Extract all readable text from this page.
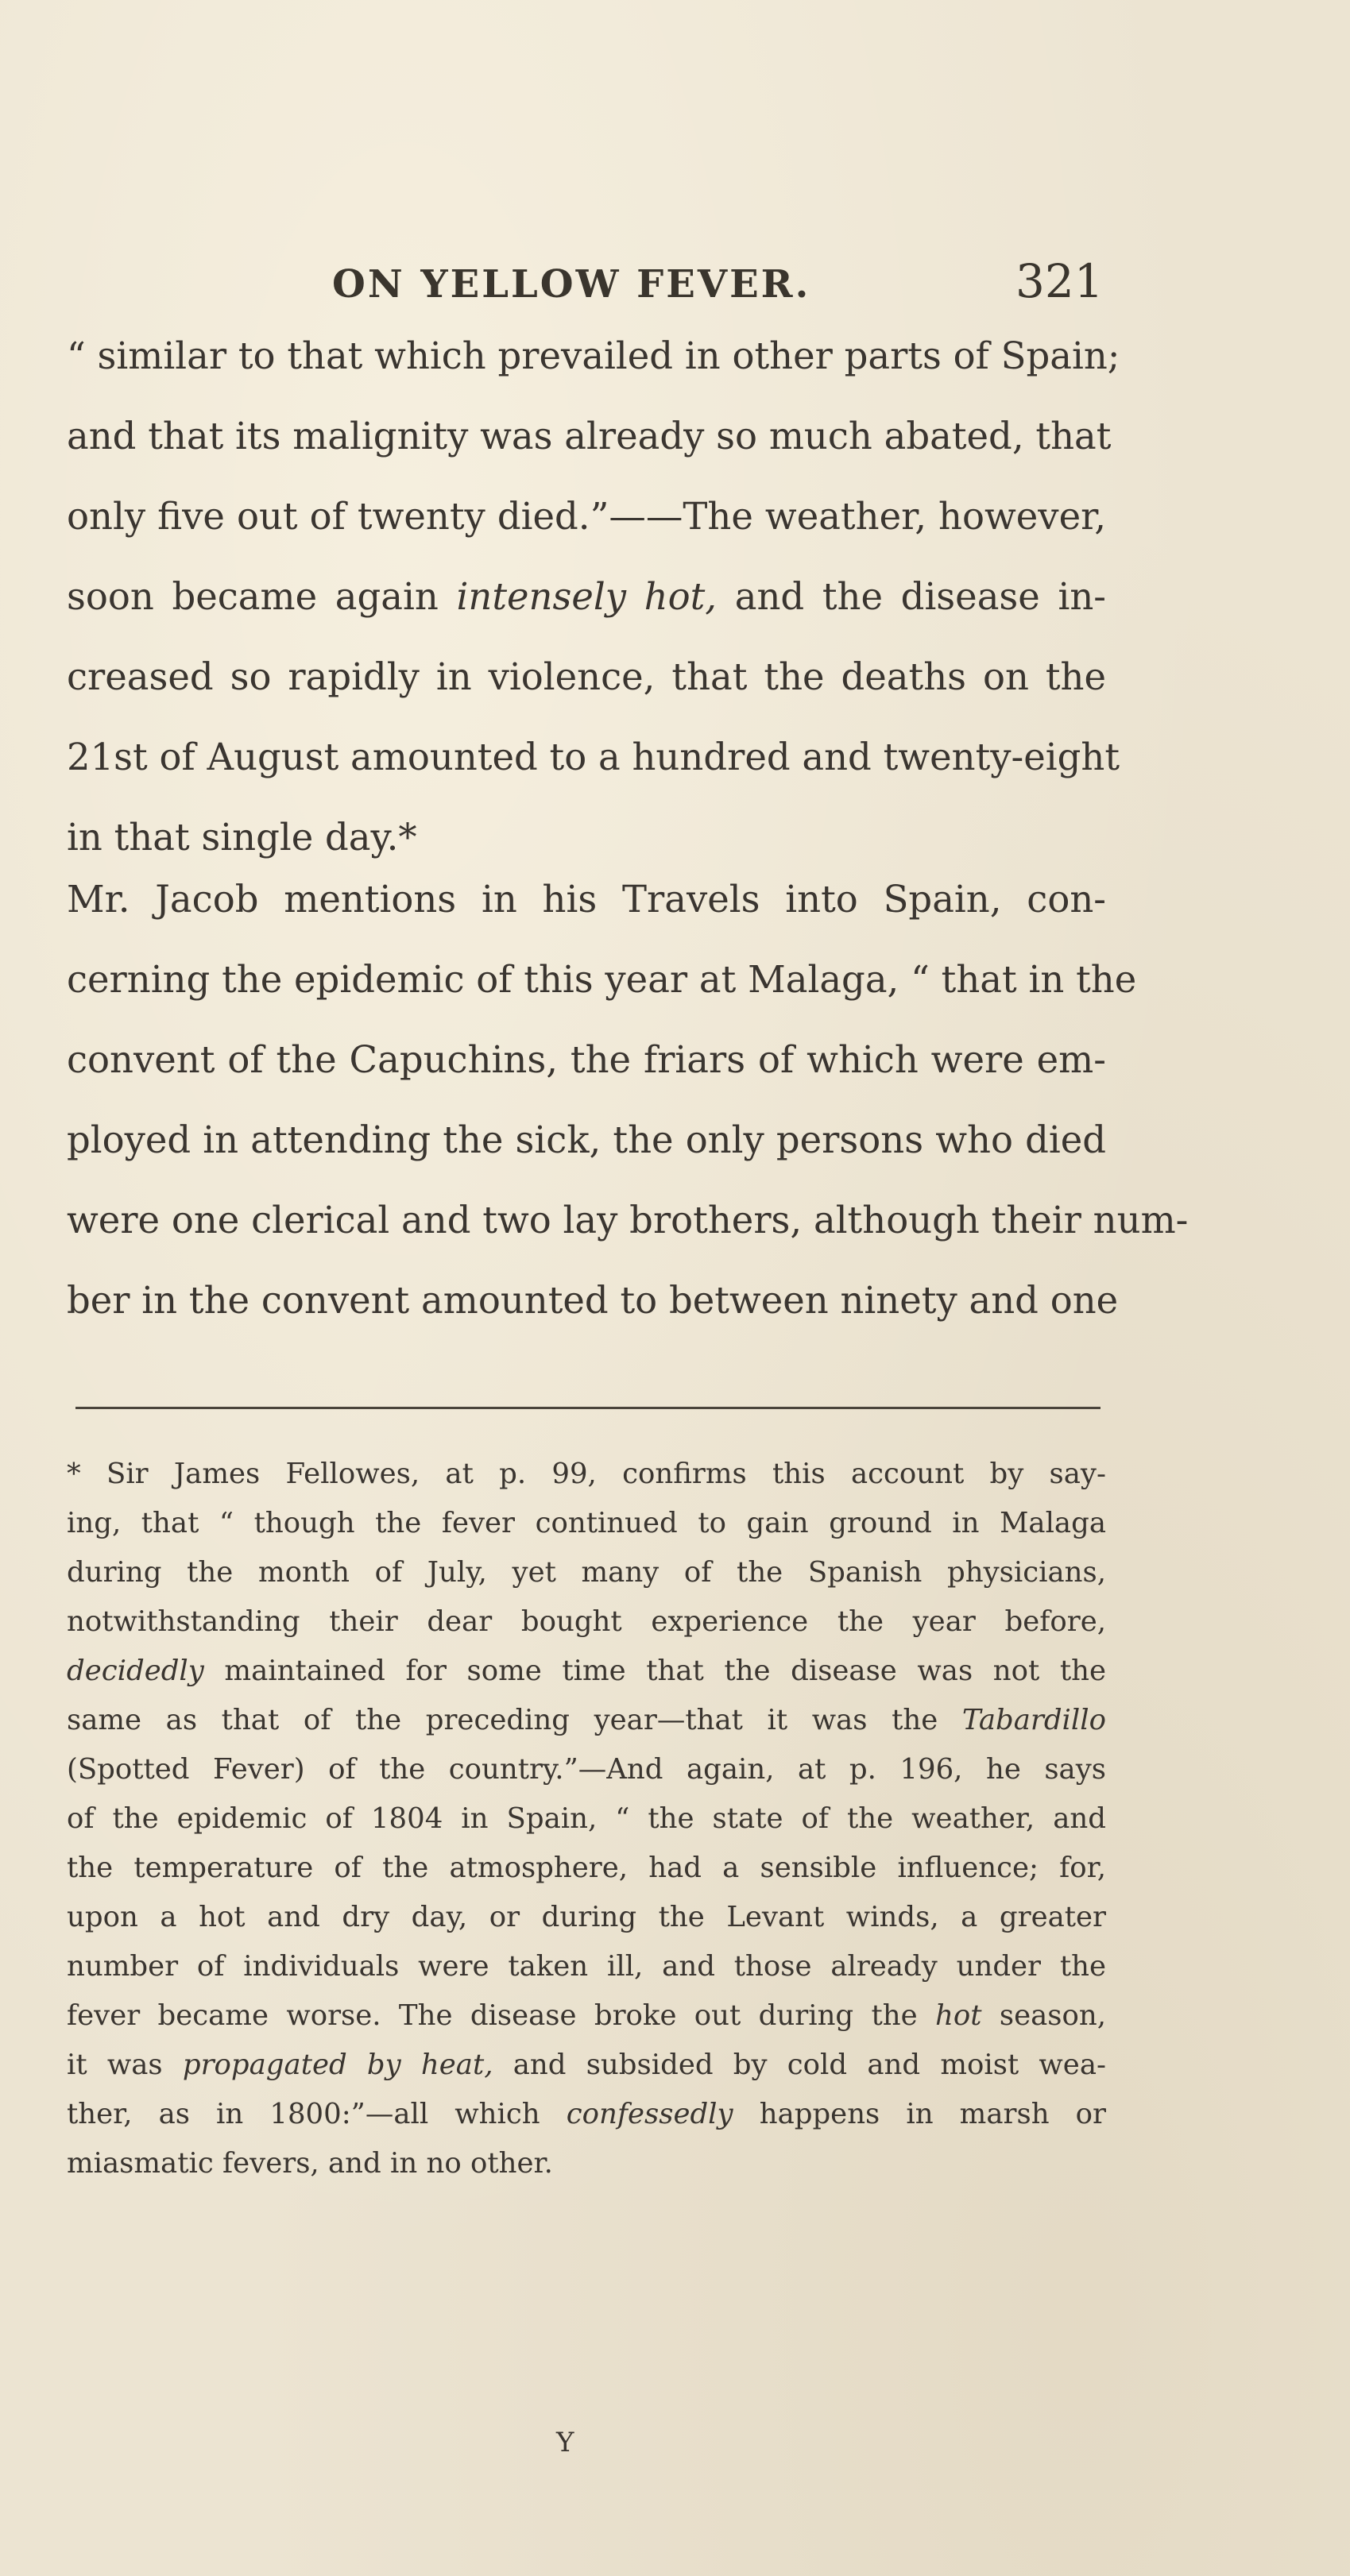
ON YELLOW FEVER.	321
“ similar to that which prevailed in other parts of Spain;
and that its malignity was already so much abated, that
only five out of twenty died.”——The weather, however,
soon became again intensely hot, and the disease in-
creased so rapidly in violence, that the deaths on the
21st of August amounted to a hundred and twenty-eight
in that single day.*
Mr. Jacob mentions in his Travels into Spain, con-
cerning the epidemic of this year at Malaga, “ that in the
convent of the Capuchins, the friars of which were em-
ployed in attending the sick, the only persons who died
were one clerical and two lay brothers, although their num-
ber in the convent amounted to between ninety and one
* Sir James Fellowes, at p. 99, confirms this account by say-
ing, that “ though the fever continued to gain ground in Malaga
during the month of July, yet many of the Spanish physicians,
notwithstanding their dear bought experience the year before,
decidedly maintained for some time that the disease was not the
same as that of the preceding year—that it was the Tabardillo
(Spotted Fever) of the country.”—And again, at p. 196, he says
of the epidemic of 1804 in Spain, “ the state of the weather, and
the temperature of the atmosphere, had a sensible influence; for,
upon a hot and dry day, or during the Levant winds, a greater
number of individuals were taken ill, and those already under the
fever became worse. The disease broke out during the hot season,
it was propagated by heat, and subsided by cold and moist wea-
ther, as in 1800:”—all which confessedly happens in marsh or
miasmatic fevers, and in no other.
Y
